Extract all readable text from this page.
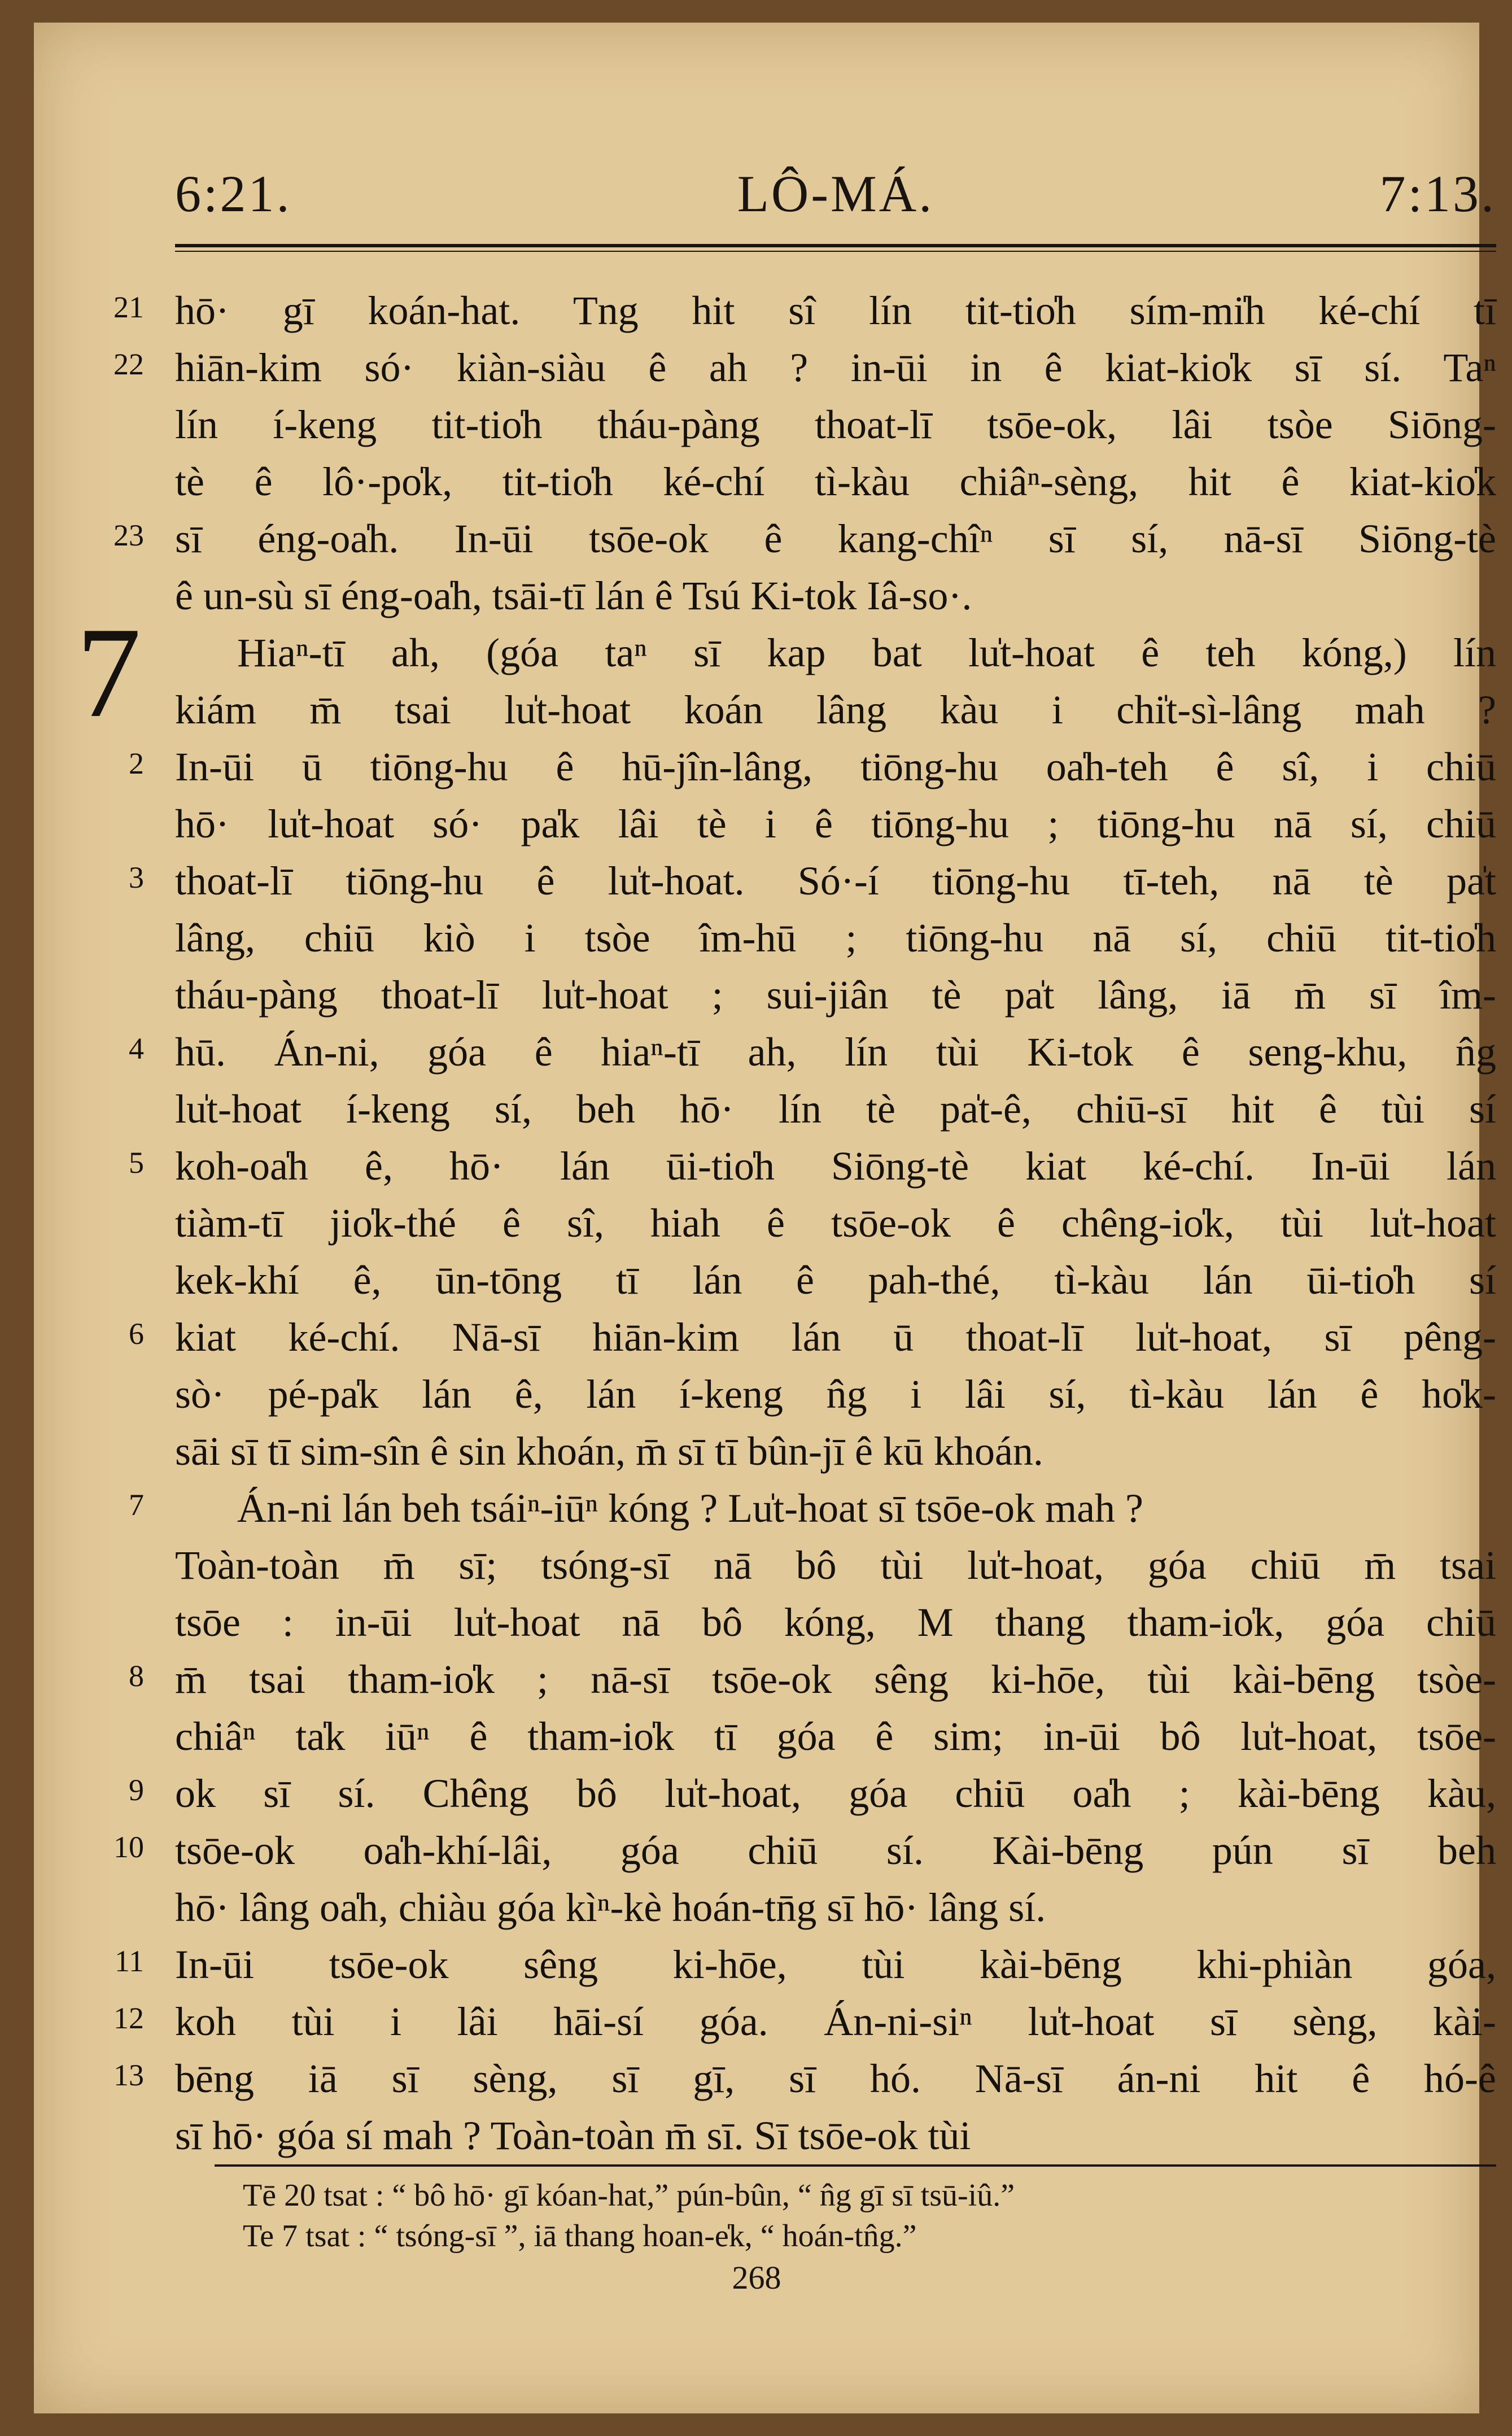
6:21.	LÔ-MÁ.	7:13.
21 hō· gī koán-hat. Tng hit sî lín tit-tio̍h sím-mi̍h ké-chí tī
22 hiān-kim só· kiàn-siàu ê ah ? in-ūi in ê kiat-kio̍k sī sí. Taⁿ
lín í-keng tit-tio̍h tháu-pàng thoat-lī tsōe-ok, lâi tsòe Siōng-
tè ê lô·-po̍k, tit-tio̍h ké-chí tì-kàu chiâⁿ-sèng, hit ê kiat-kio̍k
23 sī éng-oa̍h. In-ūi tsōe-ok ê kang-chîⁿ sī sí, nā-sī Siōng-tè
ê un-sù sī éng-oa̍h, tsāi-tī lán ê Tsú Ki-tok Iâ-so·.
7	Hiaⁿ-tī ah, (góa taⁿ sī kap bat lu̍t-hoat ê teh kóng,) lín
kiám m̄ tsai lu̍t-hoat koán lâng kàu i chi̍t-sì-lâng mah ?
2 In-ūi ū tiōng-hu ê hū-jîn-lâng, tiōng-hu oa̍h-teh ê sî, i chiū
hō· lu̍t-hoat só· pa̍k lâi tè i ê tiōng-hu ; tiōng-hu nā sí, chiū
3 thoat-lī tiōng-hu ê lu̍t-hoat. Só·-í tiōng-hu tī-teh, nā tè pa̍t
lâng, chiū kiò i tsòe îm-hū ; tiōng-hu nā sí, chiū tit-tio̍h
tháu-pàng thoat-lī lu̍t-hoat ; sui-jiân tè pa̍t lâng, iā m̄ sī îm-
4 hū. Án-ni, góa ê hiaⁿ-tī ah, lín tùi Ki-tok ê seng-khu, n̂g
lu̍t-hoat í-keng sí, beh hō· lín tè pa̍t-ê, chiū-sī hit ê tùi sí
5 koh-oa̍h ê, hō· lán ūi-tio̍h Siōng-tè kiat ké-chí. In-ūi lán
tiàm-tī jio̍k-thé ê sî, hiah ê tsōe-ok ê chêng-io̍k, tùi lu̍t-hoat
kek-khí ê, ūn-tōng tī lán ê pah-thé, tì-kàu lán ūi-tio̍h sí
6 kiat ké-chí. Nā-sī hiān-kim lán ū thoat-lī lu̍t-hoat, sī pêng-
sò· pé-pa̍k lán ê, lán í-keng n̂g i lâi sí, tì-kàu lán ê ho̍k-
sāi sī tī sim-sîn ê sin khoán, m̄ sī tī bûn-jī ê kū khoán.
7	Án-ni lán beh tsáiⁿ-iūⁿ kóng ? Lu̍t-hoat sī tsōe-ok mah ?
Toàn-toàn m̄ sī; tsóng-sī nā bô tùi lu̍t-hoat, góa chiū m̄ tsai
tsōe : in-ūi lu̍t-hoat nā bô kóng, M thang tham-io̍k, góa chiū
8 m̄ tsai tham-io̍k ; nā-sī tsōe-ok sêng ki-hōe, tùi kài-bēng tsòe-
chiâⁿ ta̍k iūⁿ ê tham-io̍k tī góa ê sim; in-ūi bô lu̍t-hoat, tsōe-
9 ok sī sí. Chêng bô lu̍t-hoat, góa chiū oa̍h ; kài-bēng kàu,
10 tsōe-ok oa̍h-khí-lâi, góa chiū sí. Kài-bēng pún sī beh
hō· lâng oa̍h, chiàu góa kìⁿ-kè hoán-tn̄g sī hō· lâng sí.
11 In-ūi tsōe-ok sêng ki-hōe, tùi kài-bēng khi-phiàn góa,
12 koh tùi i lâi hāi-sí góa. Án-ni-siⁿ lu̍t-hoat sī sèng, kài-
13 bēng iā sī sèng, sī gī, sī hó. Nā-sī án-ni hit ê hó-ê
sī hō· góa sí mah ? Toàn-toàn m̄ sī. Sī tsōe-ok tùi
Tē 20 tsat : “ bô hō· gī kóan-hat,” pún-bûn, “ n̂g gī sī tsū-iû.”
Te 7 tsat : “ tsóng-sī ”, iā thang hoan-e̍k, “ hoán-tn̂g.”
268
